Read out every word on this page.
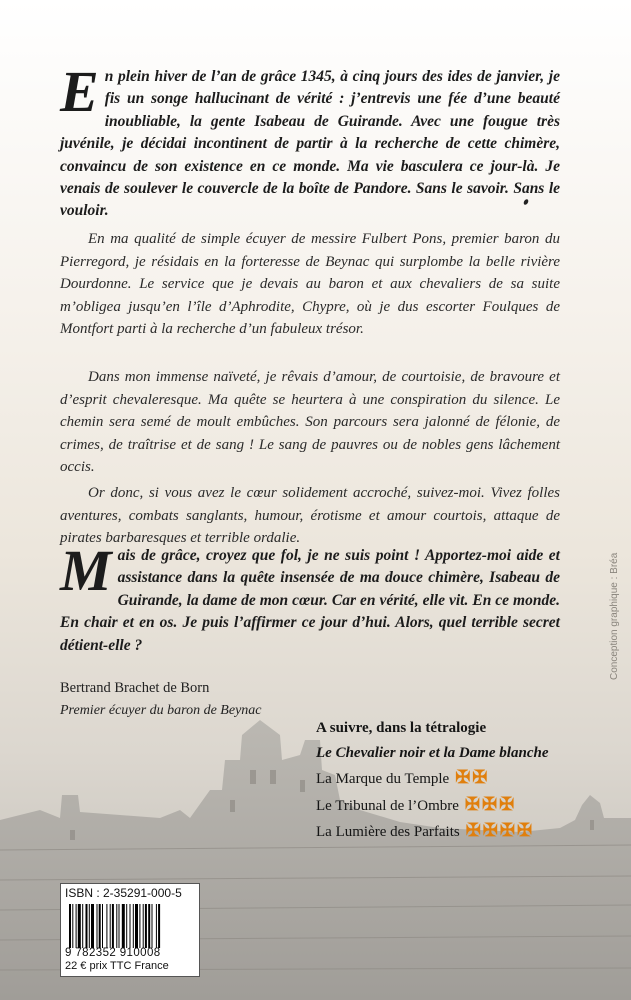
E n plein hiver de l’an de grâce 1345, à cinq jours des ides de janvier, je fis un songe hallucinant de vérité : j’entrevis une fée d’une beauté inoubliable, la gente Isabeau de Guirande. Avec une fougue très juvénile, je décidai incontinent de partir à la recherche de cette chimère, convaincu de son existence en ce monde. Ma vie basculera ce jour-là. Je venais de soulever le couvercle de la boîte de Pandore. Sans le savoir. Sans le vouloir.

En ma qualité de simple écuyer de messire Fulbert Pons, premier baron du Pierregord, je résidais en la forteresse de Beynac qui surplombe la belle rivière Dourdonne. Le service que je devais au baron et aux chevaliers de sa suite m’obligea jusqu’en l’île d’Aphrodite, Chypre, où je dus escorter Foulques de Montfort parti à la recherche d’un fabuleux trésor.

Dans mon immense naïveté, je rêvais d’amour, de courtoisie, de bravoure et d’esprit chevaleresque. Ma quête se heurtera à une conspiration du silence. Le chemin sera semé de moult embûches. Son parcours sera jalonné de félonie, de crimes, de traîtrise et de sang ! Le sang de pauvres ou de nobles gens lâchement occis.

Or donc, si vous avez le cœur solidement accroché, suivez-moi. Vivez folles aventures, combats sanglants, humour, érotisme et amour courtois, attaque de pirates barbaresques et terrible ordalie.

M ais de grâce, croyez que fol, je ne suis point ! Apportez-moi aide et assistance dans la quête insensée de ma douce chimère, Isabeau de Guirande, la dame de mon cœur. Car en vérité, elle vit. En ce monde. En chair et en os. Je puis l’affirmer ce jour d’hui. Alors, quel terrible secret détient-elle ?

Bertrand Brachet de Born
Premier écuyer du baron de Beynac
A suivre, dans la tétralogie
Le Chevalier noir et la Dame blanche
La Marque du Temple ✠✠
Le Tribunal de l’Ombre ✠✠✠
La Lumière des Parfaits ✠✠✠✠
Conception graphique : Bréa
ISBN : 2-35291-000-5
9 782352 910008
22 € prix TTC France
